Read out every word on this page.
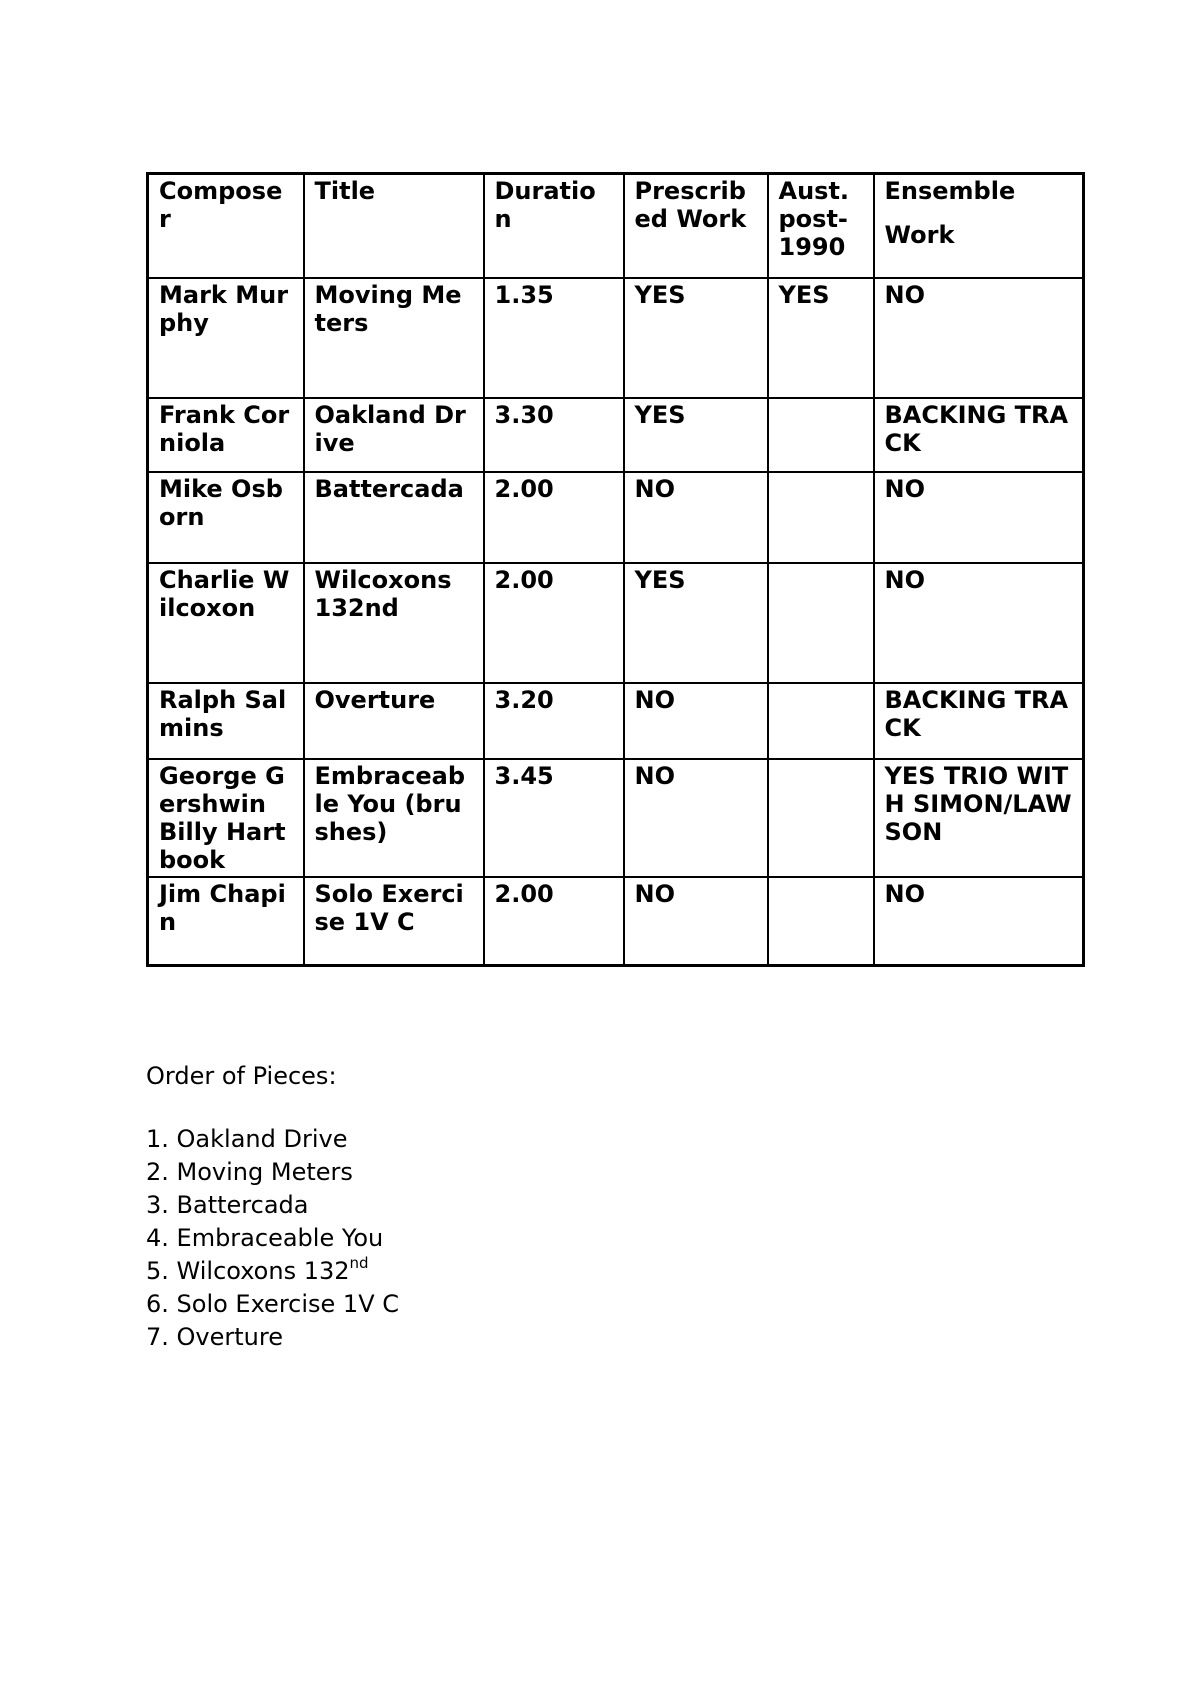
Compose r	Title	Duratio n	Prescrib ed Work	Aust. post-1990	Ensemble
Work

Mark Murphy	Moving Meters	1.35	YES	YES	NO
Frank Corniola	Oakland Drive	3.30	YES		BACKING TRACK
Mike Osborn	Battercada	2.00	NO		NO
Charlie Wilcoxon	Wilcoxons 132nd	2.00	YES		NO
Ralph Salmins	Overture	3.20	NO		BACKING TRACK
George Gershwin Billy Hart book	Embraceable You (brushes)	3.45	NO		YES TRIO WITH SIMON/LAWSON
Jim Chapin	Solo Exercise 1V C	2.00	NO		NO

Order of Pieces:

1. Oakland Drive
2. Moving Meters
3. Battercada
4. Embraceable You
5. Wilcoxons 132nd
6. Solo Exercise 1V C
7. Overture
